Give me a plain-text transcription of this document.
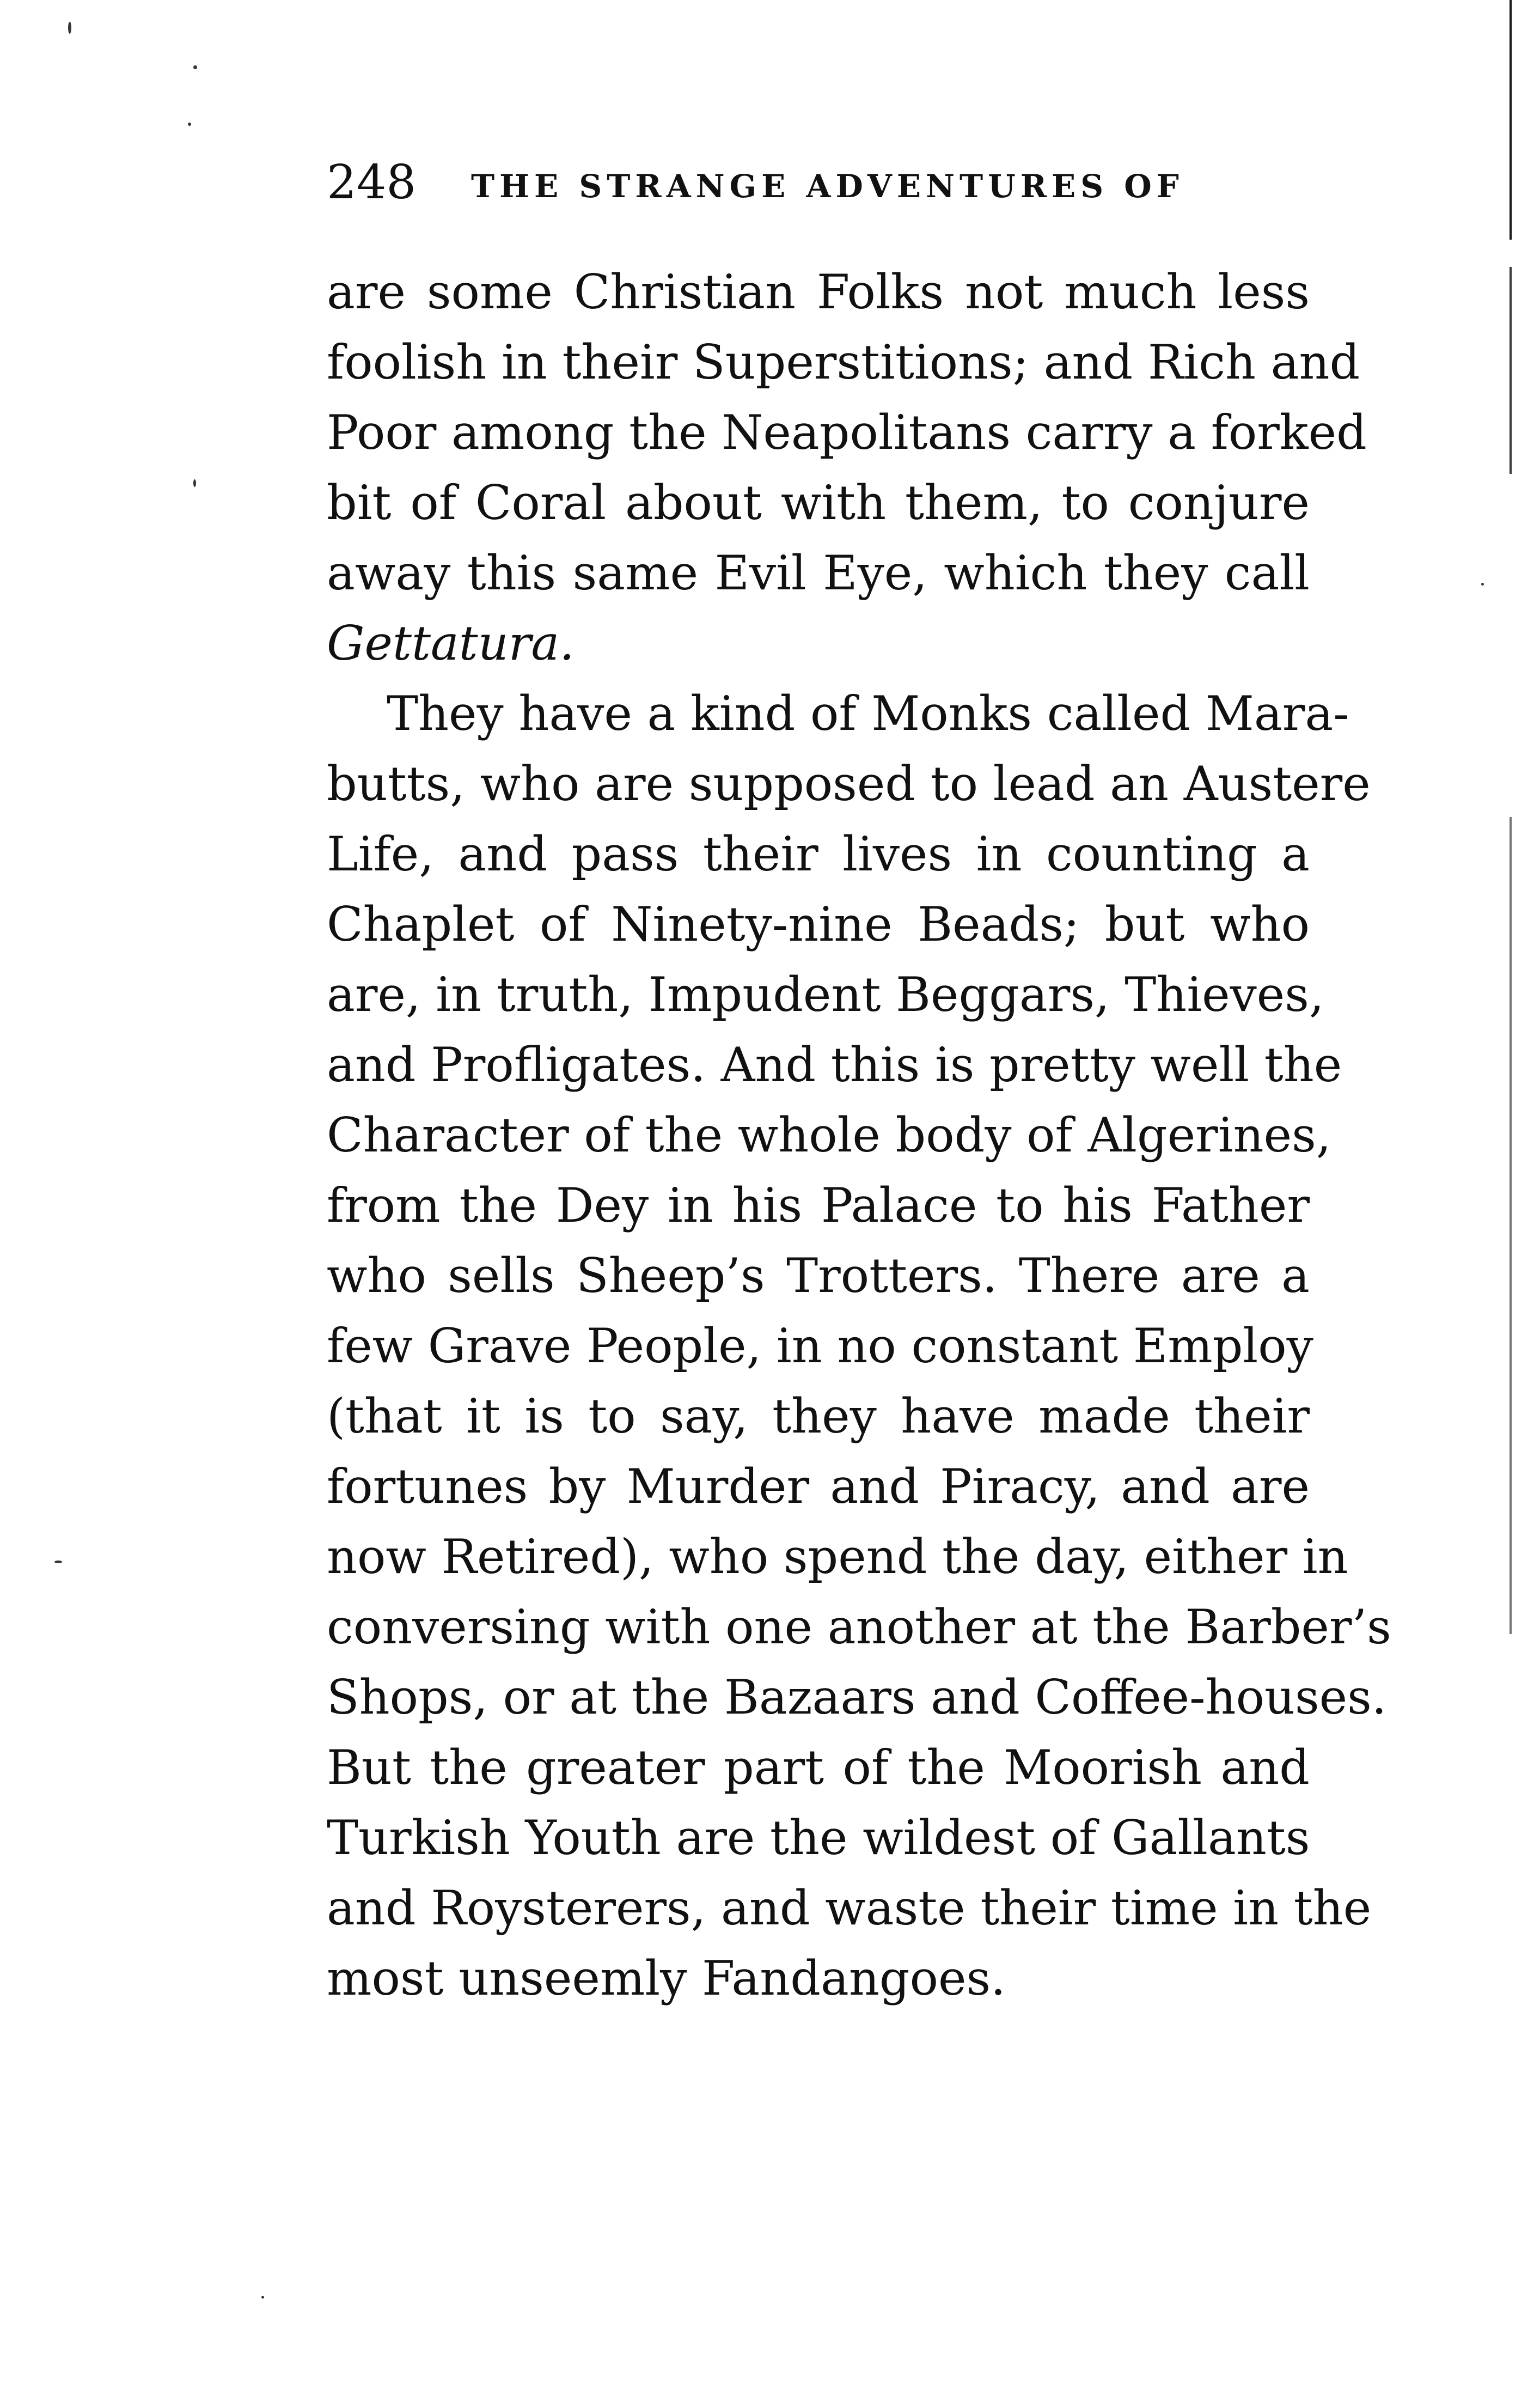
248 THE STRANGE ADVENTURES OF
are some Christian Folks not much less
foolish in their Superstitions; and Rich and
Poor among the Neapolitans carry a forked
bit of Coral about with them, to conjure
away this same Evil Eye, which they call
Gettatura.
They have a kind of Monks called Mara-
butts, who are supposed to lead an Austere
Life, and pass their lives in counting a
Chaplet of Ninety-nine Beads; but who
are, in truth, Impudent Beggars, Thieves,
and Profligates. And this is pretty well the
Character of the whole body of Algerines,
from the Dey in his Palace to his Father
who sells Sheep’s Trotters. There are a
few Grave People, in no constant Employ
(that it is to say, they have made their
fortunes by Murder and Piracy, and are
now Retired), who spend the day, either in
conversing with one another at the Barber’s
Shops, or at the Bazaars and Coffee-houses.
But the greater part of the Moorish and
Turkish Youth are the wildest of Gallants
and Roysterers, and waste their time in the
most unseemly Fandangoes.
